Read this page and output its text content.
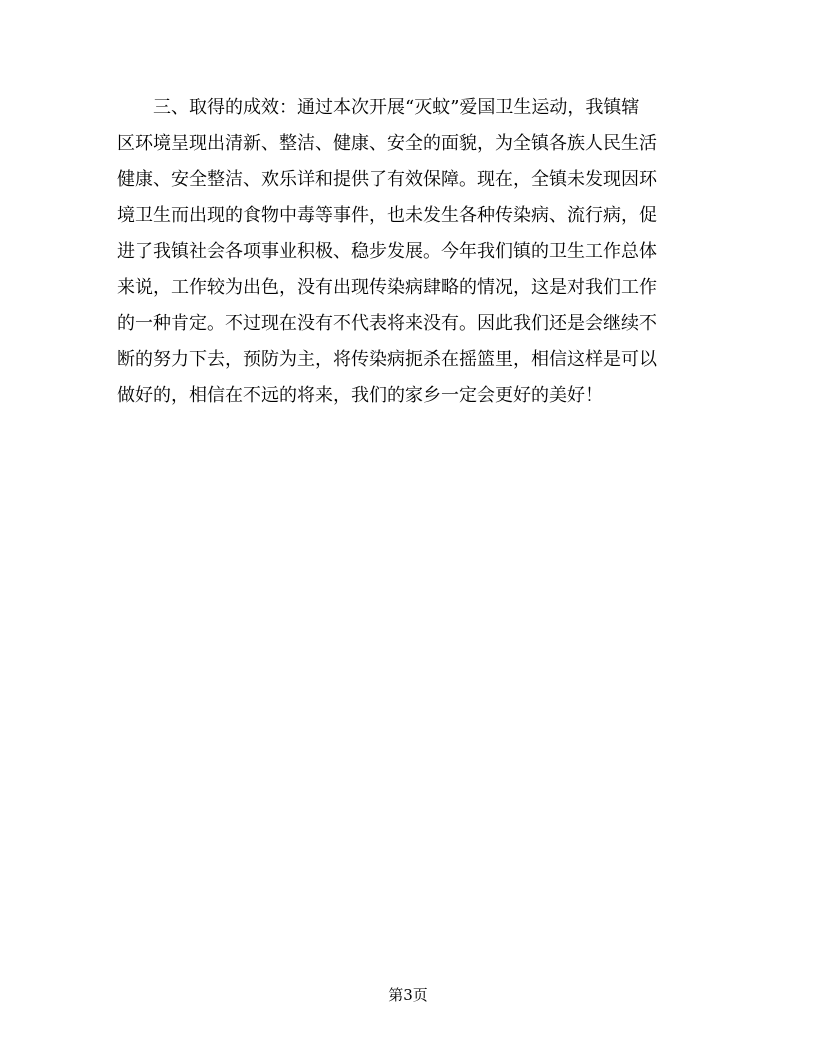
　　三、取得的成效：通过本次开展“灭蚊”爱国卫生运动，我镇辖
区环境呈现出清新、整洁、健康、安全的面貌，为全镇各族人民生活
健康、安全整洁、欢乐详和提供了有效保障。现在，全镇未发现因环
境卫生而出现的食物中毒等事件，也未发生各种传染病、流行病，促
进了我镇社会各项事业积极、稳步发展。今年我们镇的卫生工作总体
来说，工作较为出色，没有出现传染病肆略的情况，这是对我们工作
的一种肯定。不过现在没有不代表将来没有。因此我们还是会继续不
断的努力下去，预防为主，将传染病扼杀在摇篮里，相信这样是可以
做好的，相信在不远的将来，我们的家乡一定会更好的美好！
第3页
